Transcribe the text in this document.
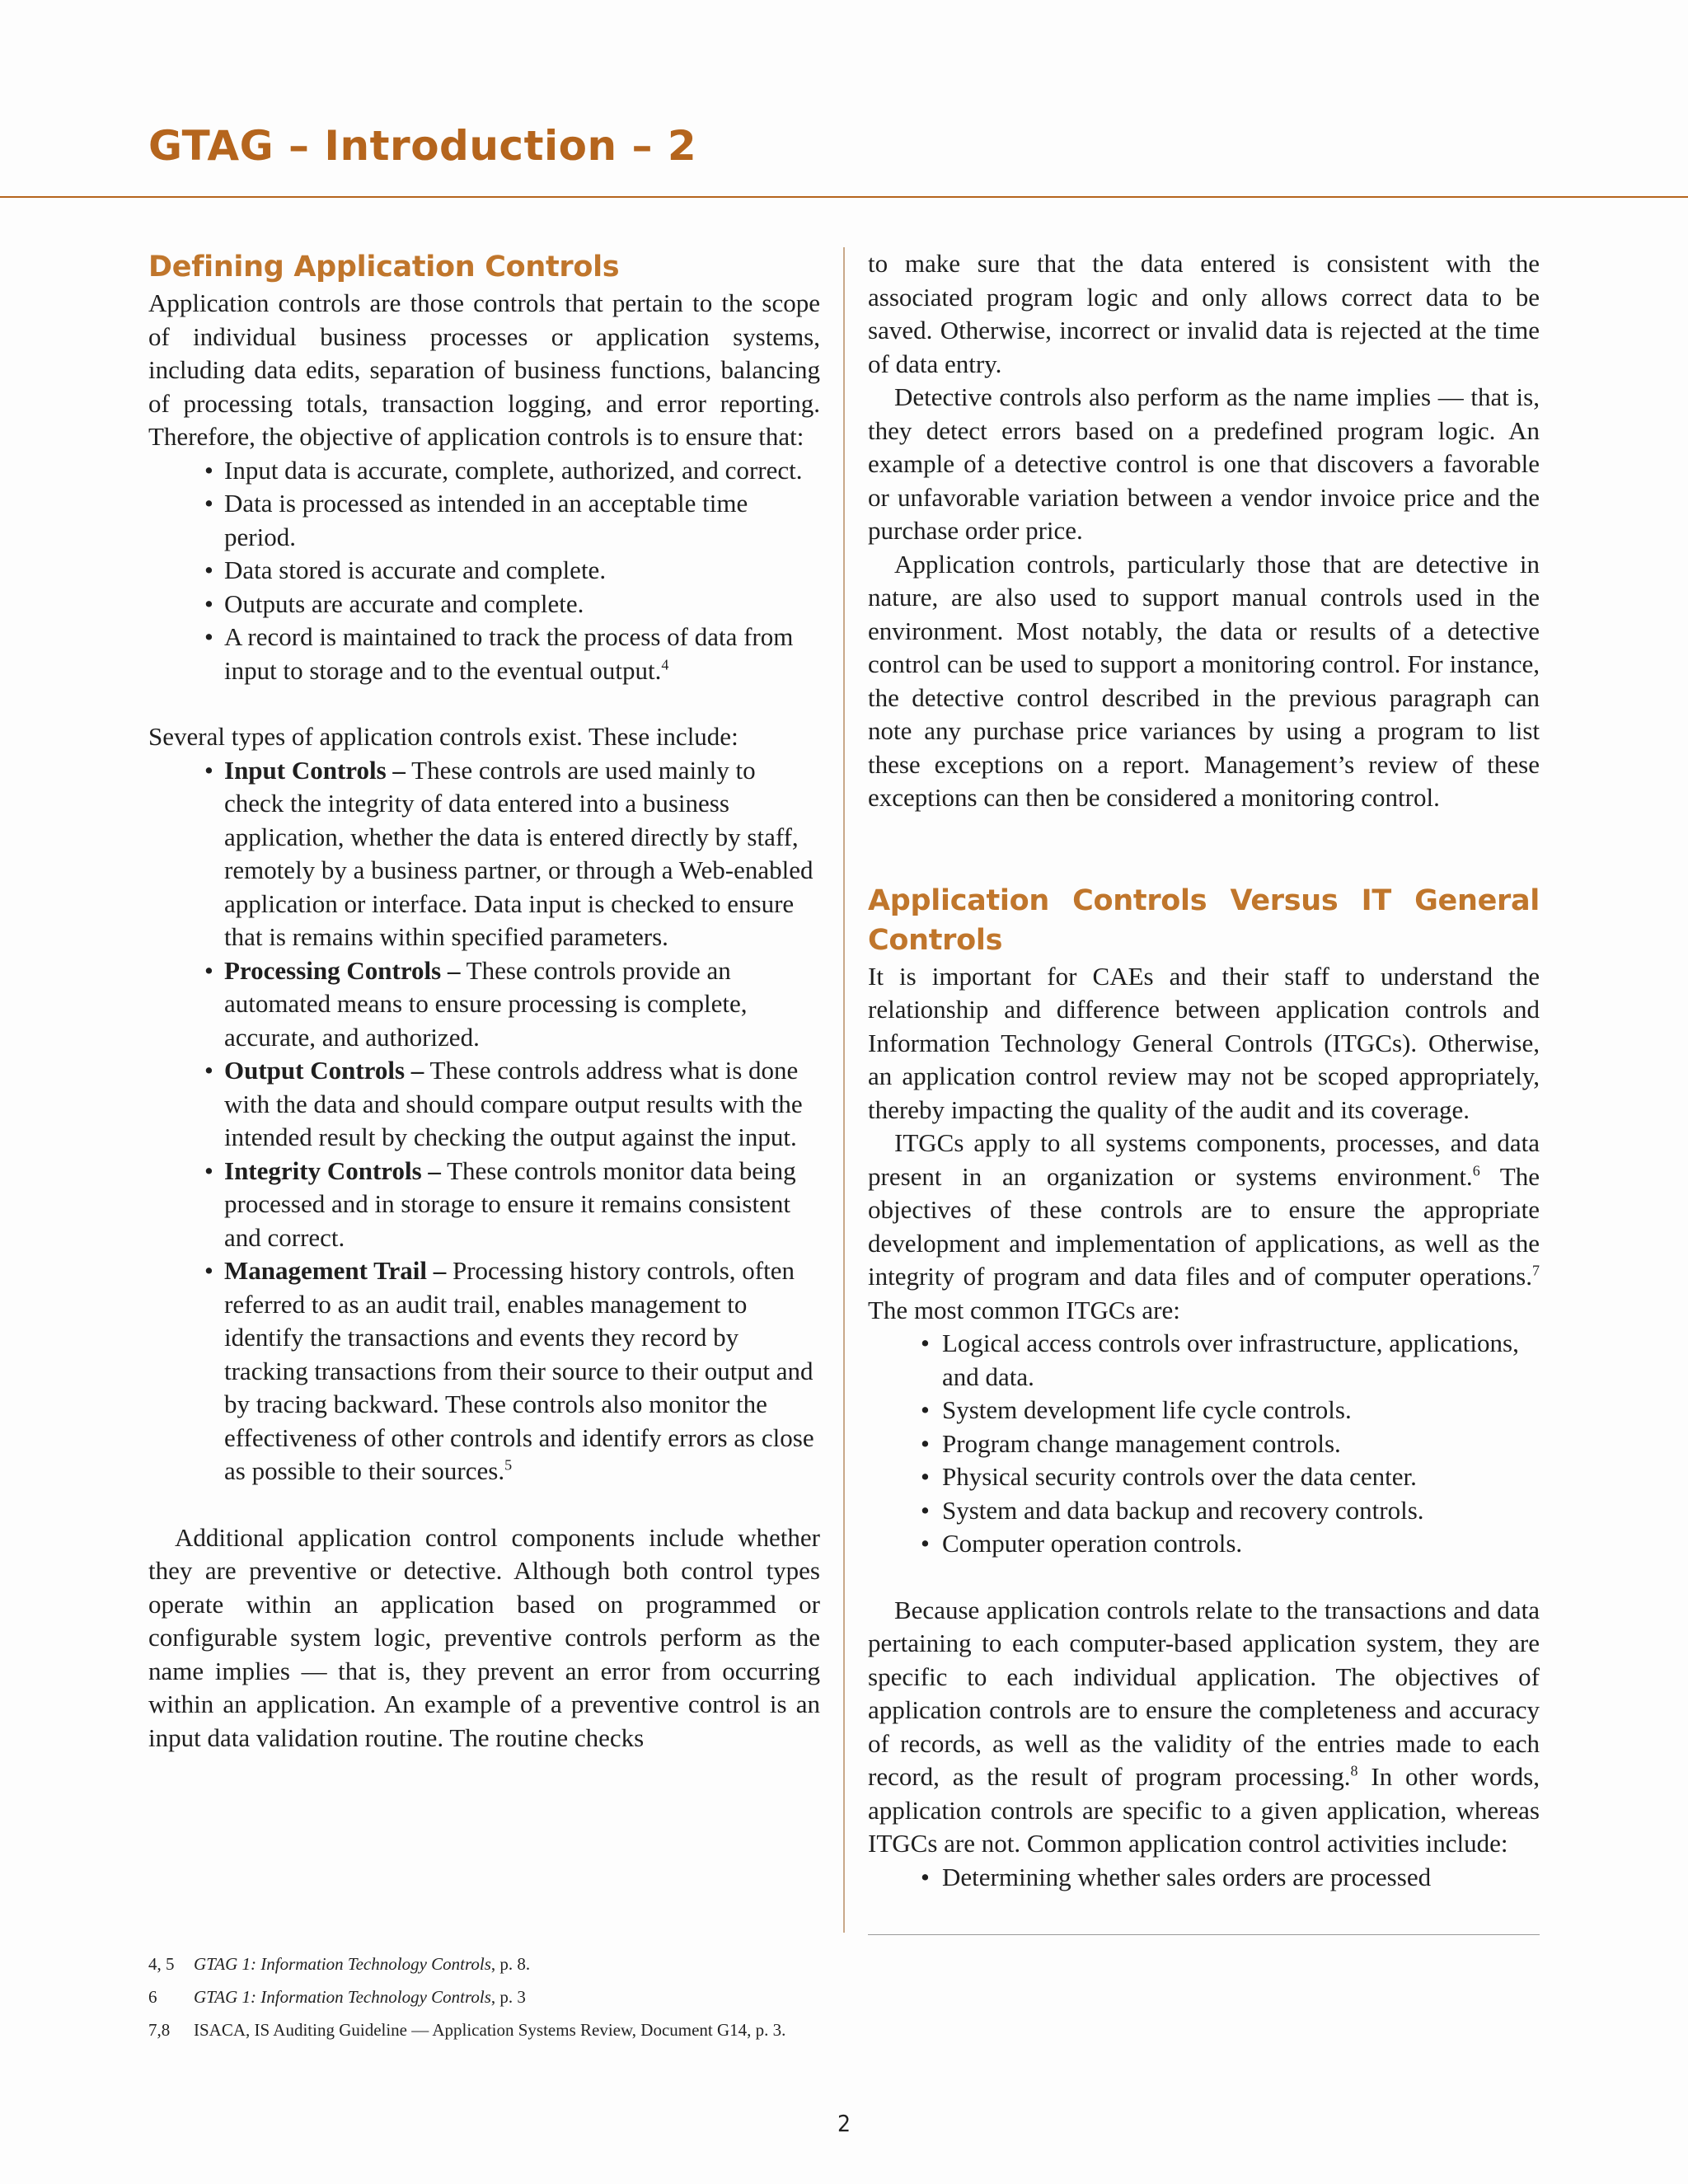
GTAG – Introduction – 2
Defining Application Controls

Application controls are those controls that pertain to the scope of individual business processes or application systems, including data edits, separation of business functions, balancing of processing totals, transaction logging, and error reporting. Therefore, the objective of application controls is to ensure that:

• Input data is accurate, complete, authorized, and correct.
• Data is processed as intended in an acceptable time period.
• Data stored is accurate and complete.
• Outputs are accurate and complete.
• A record is maintained to track the process of data from input to storage and to the eventual output.$^4$

Several types of application controls exist. These include:

• Input Controls – These controls are used mainly to check the integrity of data entered into a business application, whether the data is entered directly by staff, remotely by a business partner, or through a Web-enabled application or interface. Data input is checked to ensure that is remains within specified parameters.
• Processing Controls – These controls provide an automated means to ensure processing is complete, accurate, and authorized.
• Output Controls – These controls address what is done with the data and should compare output results with the intended result by checking the output against the input.
• Integrity Controls – These controls monitor data being processed and in storage to ensure it remains consistent and correct.
• Management Trail – Processing history controls, often referred to as an audit trail, enables management to identify the transactions and events they record by tracking transactions from their source to their output and by tracing backward. These controls also monitor the effectiveness of other controls and identify errors as close as possible to their sources.$^5$

Additional application control components include whether they are preventive or detective. Although both control types operate within an application based on programmed or configurable system logic, preventive controls perform as the name implies — that is, they prevent an error from occurring within an application. An example of a preventive control is an input data validation routine. The routine checks

to make sure that the data entered is consistent with the associated program logic and only allows correct data to be saved. Otherwise, incorrect or invalid data is rejected at the time of data entry.

Detective controls also perform as the name implies — that is, they detect errors based on a predefined program logic. An example of a detective control is one that discovers a favorable or unfavorable variation between a vendor invoice price and the purchase order price.

Application controls, particularly those that are detective in nature, are also used to support manual controls used in the environment. Most notably, the data or results of a detective control can be used to support a monitoring control. For instance, the detective control described in the previous paragraph can note any purchase price variances by using a program to list these exceptions on a report. Management’s review of these exceptions can then be considered a monitoring control.

Application Controls Versus IT General Controls

It is important for CAEs and their staff to understand the relationship and difference between application controls and Information Technology General Controls (ITGCs). Otherwise, an application control review may not be scoped appropriately, thereby impacting the quality of the audit and its coverage.

ITGCs apply to all systems components, processes, and data present in an organization or systems environment.$^6$ The objectives of these controls are to ensure the appropriate development and implementation of applications, as well as the integrity of program and data files and of computer operations.$^7$ The most common ITGCs are:

• Logical access controls over infrastructure, applications, and data.
• System development life cycle controls.
• Program change management controls.
• Physical security controls over the data center.
• System and data backup and recovery controls.
• Computer operation controls.

Because application controls relate to the transactions and data pertaining to each computer-based application system, they are specific to each individual application. The objectives of application controls are to ensure the completeness and accuracy of records, as well as the validity of the entries made to each record, as the result of program processing.$^8$ In other words, application controls are specific to a given application, whereas ITGCs are not. Common application control activities include:

• Determining whether sales orders are processed
4, 5	GTAG 1: Information Technology Controls, p. 8.
6	GTAG 1: Information Technology Controls, p. 3
7,8	ISACA, IS Auditing Guideline — Application Systems Review, Document G14, p. 3.
2
